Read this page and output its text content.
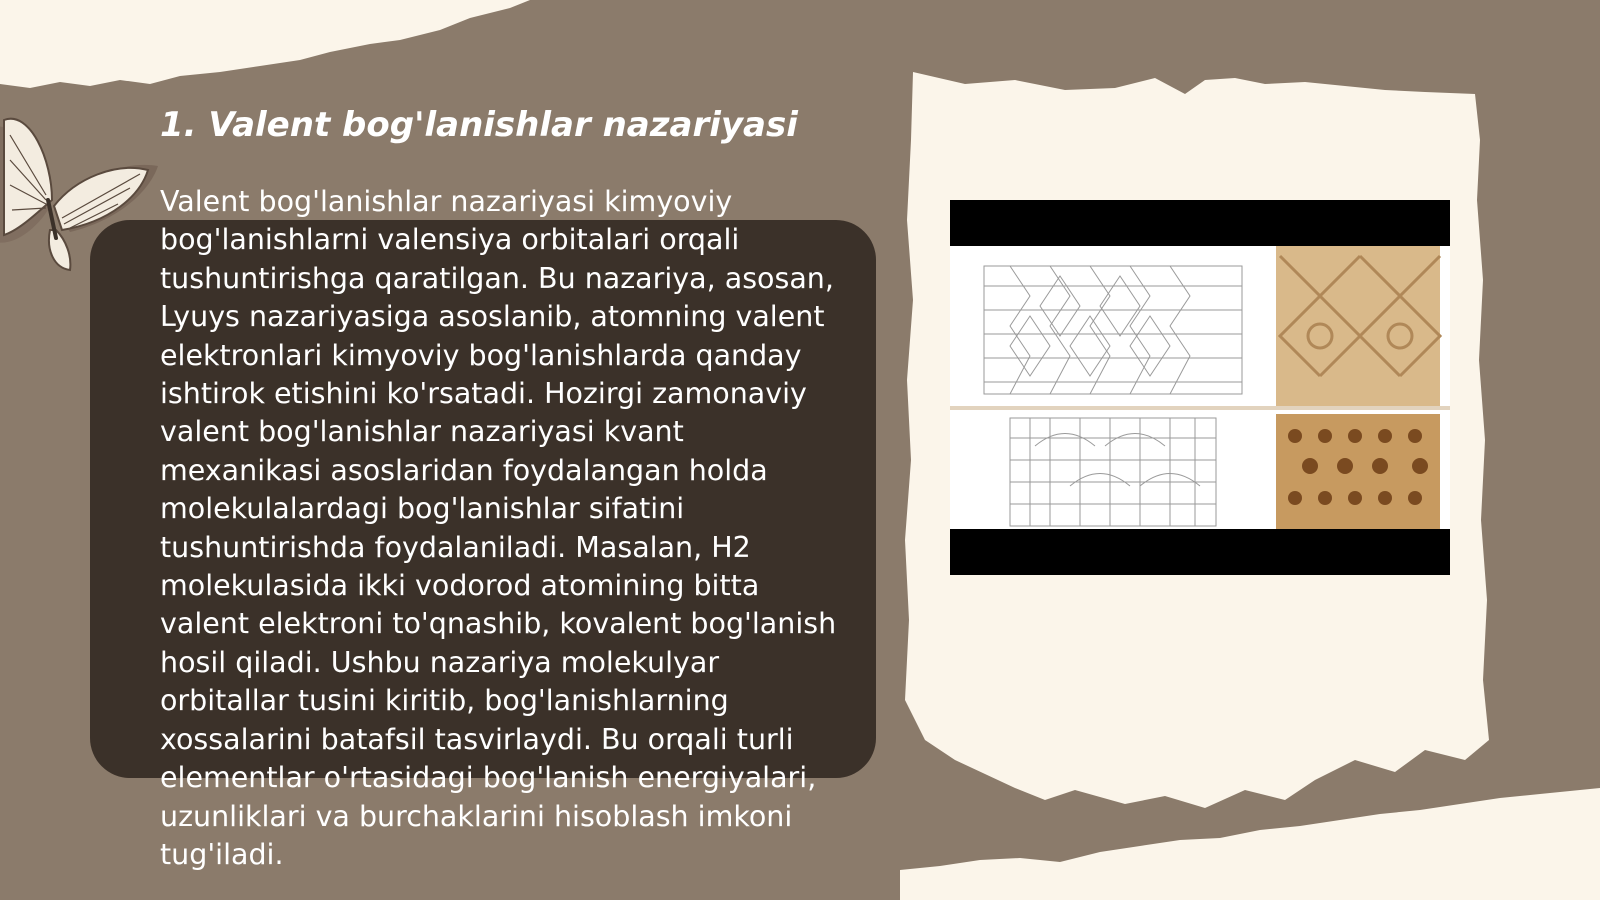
1. Valent bog'lanishlar nazariyasi

Valent bog'lanishlar nazariyasi kimyoviy bog'lanishlarni valensiya orbitalari orqali tushuntirishga qaratilgan. Bu nazariya, asosan, Lyuys nazariyasiga asoslanib, atomning valent elektronlari kimyoviy bog'lanishlarda qanday ishtirok etishini ko'rsatadi. Hozirgi zamonaviy valent bog'lanishlar nazariyasi kvant mexanikasi asoslaridan foydalangan holda molekulalardagi bog'lanishlar sifatini tushuntirishda foydalaniladi. Masalan, H2 molekulasida ikki vodorod atomining bitta valent elektroni to'qnashib, kovalent bog'lanish hosil qiladi. Ushbu nazariya molekulyar orbitallar tusini kiritib, bog'lanishlarning xossalarini batafsil tasvirlaydi. Bu orqali turli elementlar o'rtasidagi bog'lanish energiyalari, uzunliklari va burchaklarini hisoblash imkoni tug'iladi.
